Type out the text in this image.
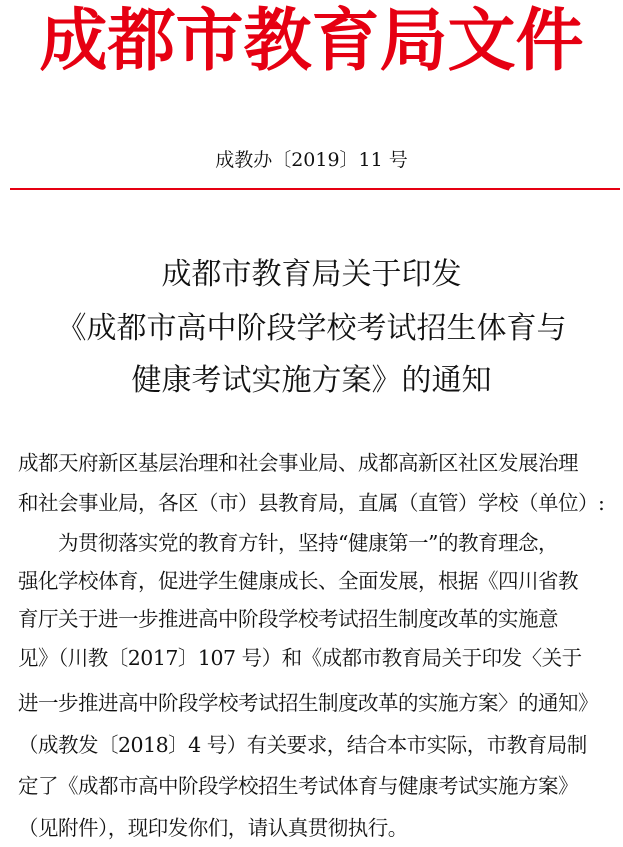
成都市教育局文件
成教办〔2019〕11 号
成都市教育局关于印发
《成都市高中阶段学校考试招生体育与
健康考试实施方案》的通知
成都天府新区基层治理和社会事业局、成都高新区社区发展治理
和社会事业局，各区（市）县教育局，直属（直管）学校（单位）:
　　为贯彻落实党的教育方针，坚持“健康第一”的教育理念，
强化学校体育，促进学生健康成长、全面发展，根据《四川省教
育厅关于进一步推进高中阶段学校考试招生制度改革的实施意
见》（川教〔2017〕107 号）和《成都市教育局关于印发〈关于
进一步推进高中阶段学校考试招生制度改革的实施方案〉的通知》
（成教发〔2018〕4 号）有关要求，结合本市实际，市教育局制
定了《成都市高中阶段学校招生考试体育与健康考试实施方案》
（见附件），现印发你们，请认真贯彻执行。
